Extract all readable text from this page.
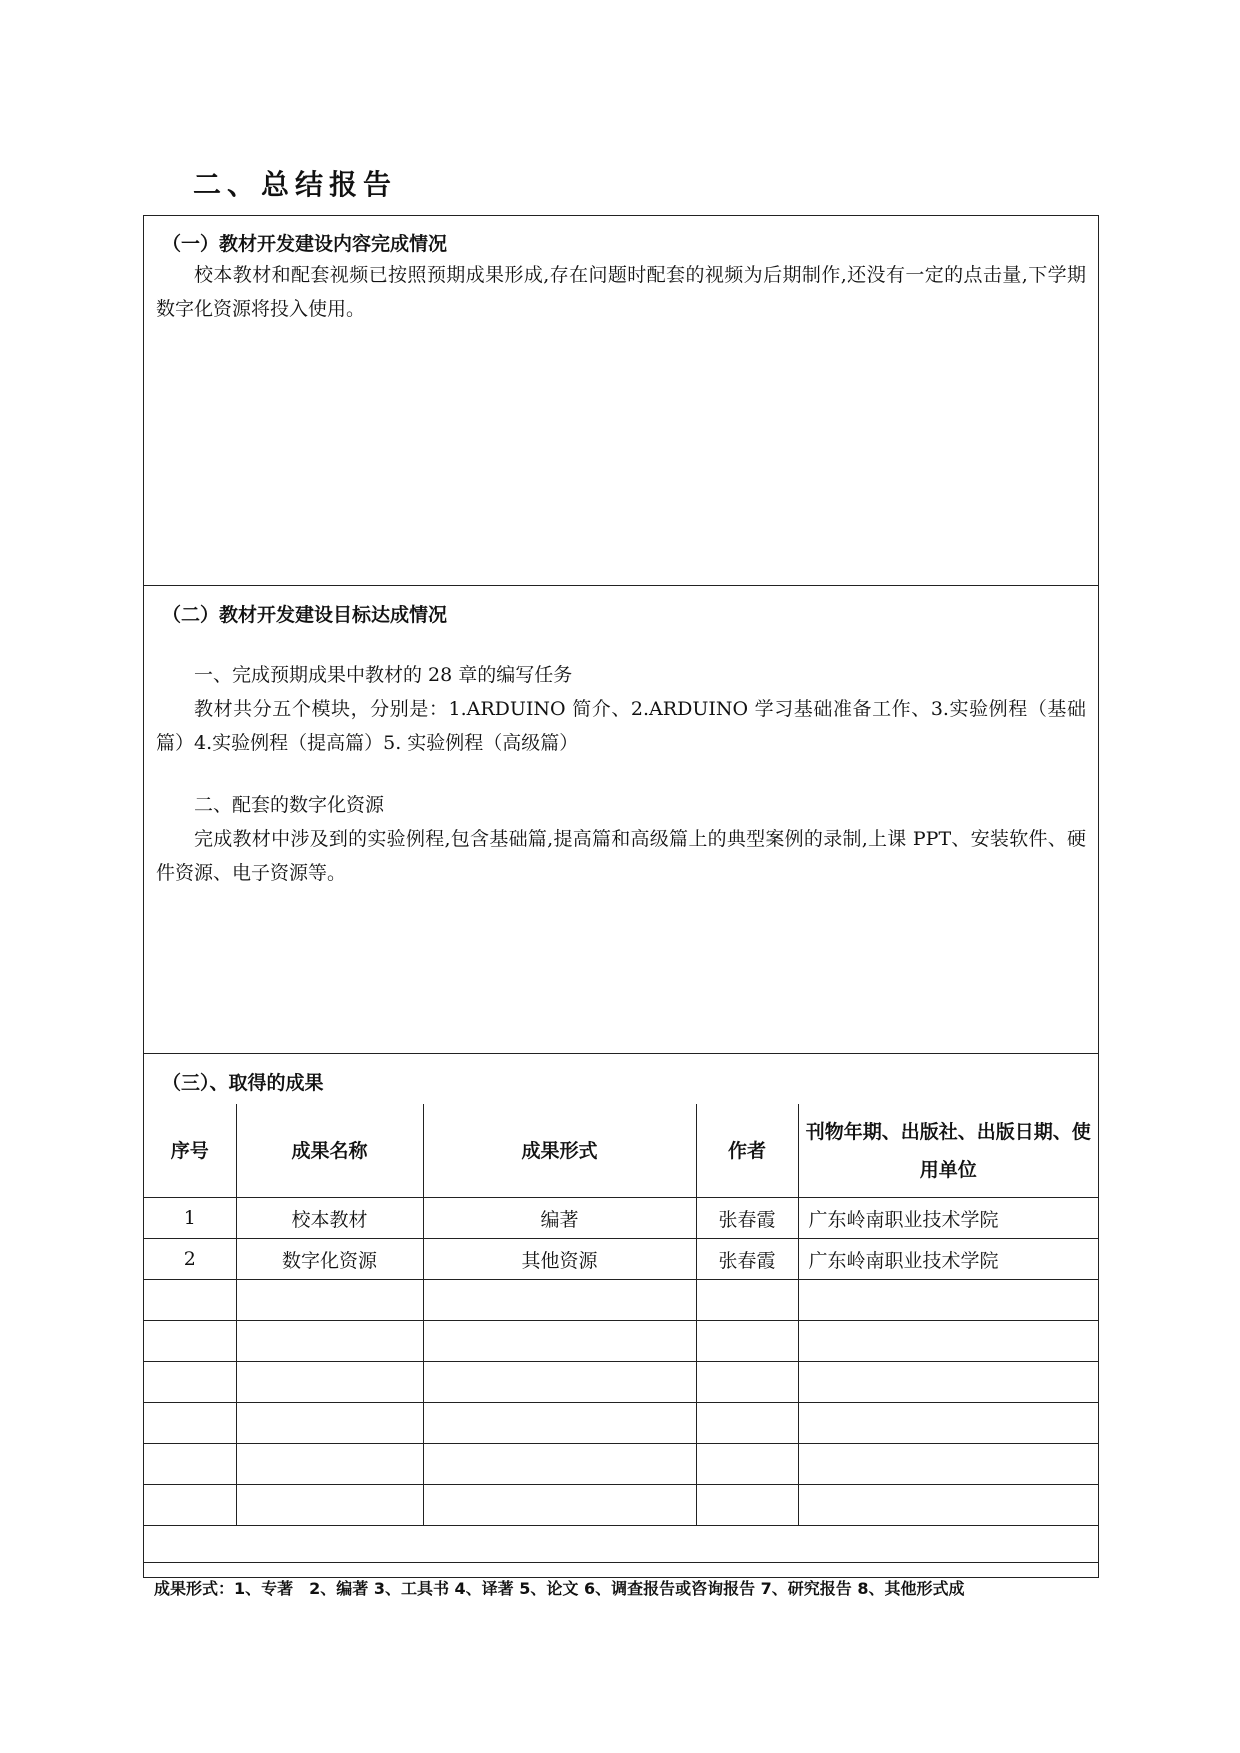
二、总结报告
（一）教材开发建设内容完成情况
校本教材和配套视频已按照预期成果形成,存在问题时配套的视频为后期制作,还没有一定的点击量,下学期数字化资源将投入使用。
（二）教材开发建设目标达成情况
一、完成预期成果中教材的 28 章的编写任务
教材共分五个模块，分别是：1.ARDUINO 简介、2.ARDUINO 学习基础准备工作、3.实验例程（基础篇）4.实验例程（提高篇）5. 实验例程（高级篇）
二、配套的数字化资源
完成教材中涉及到的实验例程,包含基础篇,提高篇和高级篇上的典型案例的录制,上课 PPT、安装软件、硬件资源、电子资源等。
（三）、取得的成果
序号	成果名称	成果形式	作者	刊物年期、出版社、出版日期、使用单位
1	校本教材	编著	张春霞	广东岭南职业技术学院
2	数字化资源	其他资源	张春霞	广东岭南职业技术学院

成果形式：1、专著　2、编著 3、工具书 4、译著 5、论文 6、调查报告或咨询报告 7、研究报告 8、其他形式成
